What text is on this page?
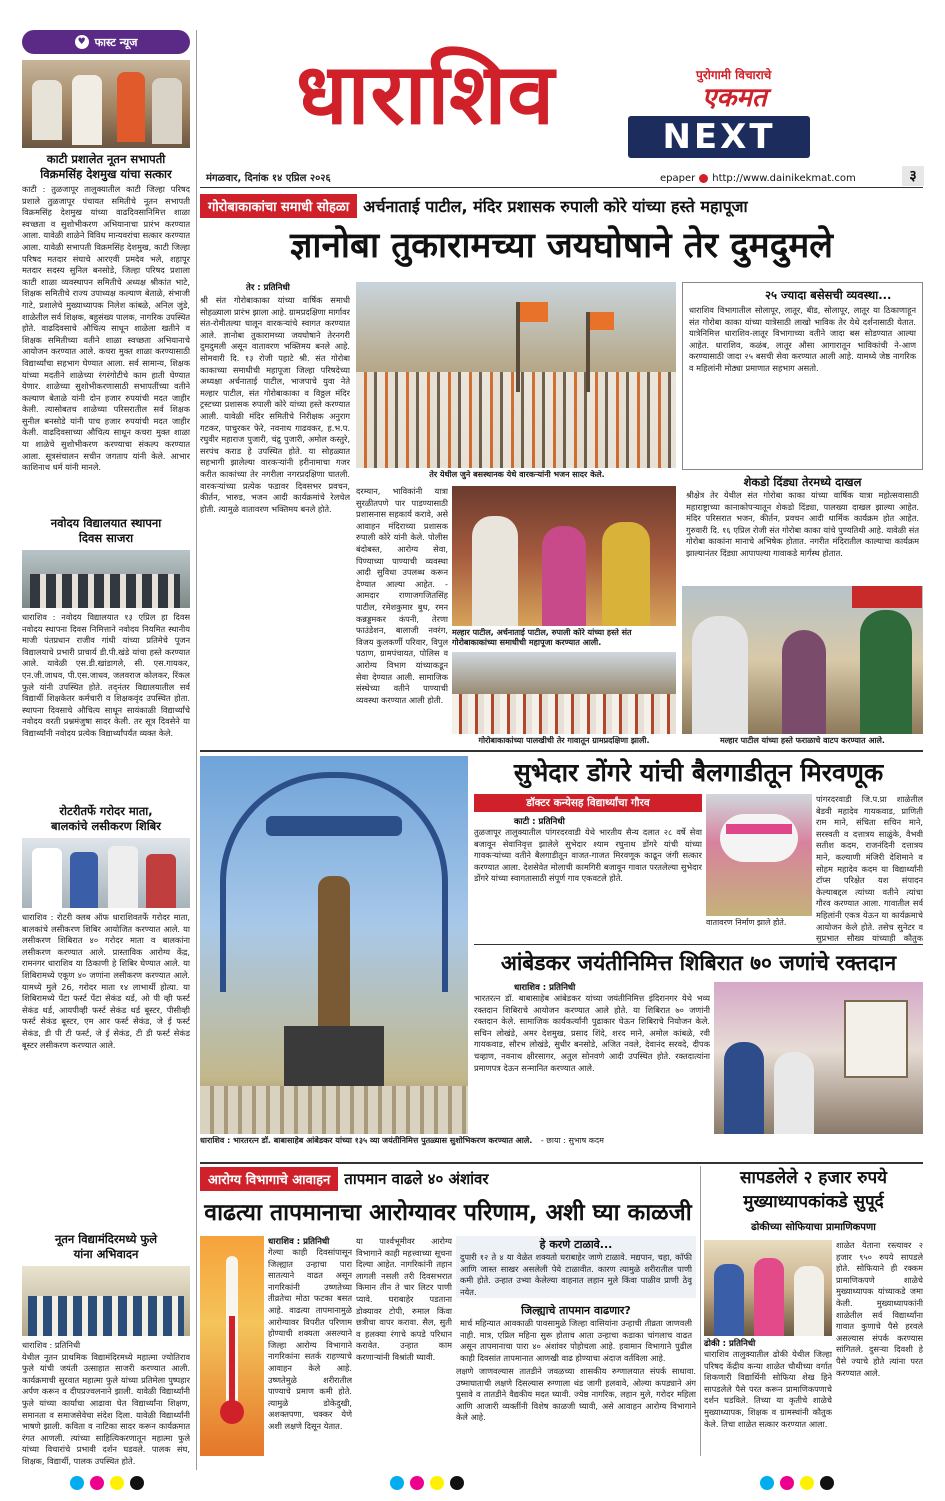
♥ फास्ट न्यूज
काटी प्रशालेत नूतन सभापती
विक्रमसिंह देशमुख यांचा सत्कार
काटी : तुळजापूर तालुक्यातील काटी जिल्हा परिषद प्रशाले तुळजापूर पंचायत समितीचे नूतन सभापती विक्रमसिंह देशमुख यांच्या वाढदिवसानिमित्त शाळा स्वच्छता व सुशोभीकरण अभियानाचा प्रारंभ करण्यात आला. यावेळी शाळेने विविध मान्यवरांचा सत्कार करण्यात आला. यावेळी सभापती विक्रमसिंह देशमुख, काटी जिल्हा परिषद मतदार संघाचे आरएवीं प्रमदेव भले, शहापूर मतदार सदस्य सुनिल बनसोडे, जिल्हा परिषद प्रशाला काटी शाळा व्यवस्थापन समितीचे अध्यक्ष श्रीकांत भाटे, शिक्षक समितीचे राज्य उपाध्यक्ष कल्याण बेताळे, संभाजी गाटे, प्रशालेचे मुख्याध्यापक निलेश कांबळे, अनिल जुंडे, शाळेतील सर्व शिक्षक, बहुसंख्य पालक, नागरिक उपस्थित होते. वाढदिवसाचे औचित्य साधून शाळेला खतीने व शिक्षक समितीच्या वतीने शाळा स्वच्छता अभियानाचे आयोजन करण्यात आले. कचरा मुक्त शाळा करण्यासाठी विद्यार्थ्यांचा सहभाग घेण्यात आला. सर्व सामान्य, शिक्षक यांच्या मदतीने शाळेच्या रंगरंगोटीचे काम हाती घेण्यात येणार. शाळेच्या सुशोभीकरणासाठी सभापतींच्या वतीने कल्याण बेताळे यांनी दोन हजार रुपयांची मदत जाहीर केली. त्यासोबतच शाळेच्या परिसरातील सर्व शिक्षक सुनील बनसोडे यांनी पाच हजार रुपयांची मदत जाहीर केली. वाढदिवसाच्या औचित्य साधून कचरा मुक्त शाळा या शाळेचे सुशोभीकरण करण्याचा संकल्प करण्यात आला. सूत्रसंचालन सचीन जगताप यांनी केले. आभार काशिनाथ धर्म यांनी मानले.
नवोदय विद्यालयात स्थापना
दिवस साजरा
धाराशिव : नवोदय विद्यालयात १३ एप्रिल हा दिवस नवोदय स्थापना दिवस निमित्ताने नवोदय नियमित स्थानीय माजी पंतप्रधान राजीव गांधी यांच्या प्रतिमेचे पूजन विद्यालयाचे प्रभारी प्राचार्य डी.पी.खंडे यांचा हस्ते करण्यात आले. यावेळी एस.डी.खांडागले, सी. एस.गायकर, एन.जी.जाधव, पी.एस.जाधव, जलवराज कोलकर, रिंकल फुले यांनी उपस्थित होते. तद्नंतर विद्यालयातील सर्व विद्यार्थी शिक्षकेतर कर्मचारी व शिक्षकवृंद उपस्थित होता. स्थापना दिवसाचे औचित्य साधून सायंकाळी विद्यार्थ्यांचे नवोदय वरती प्रश्नमंजुषा सादर केली. तर सूत्र दिवसेने या विद्यार्थ्यांनी नवोदय प्रत्येक विद्यार्थ्यांपर्यंत व्यक्त केले.
रोटरीतर्फे गरोदर माता,
बालकांचे लसीकरण शिबिर
धाराशिव : रोटरी क्लब ऑफ धाराशिवतर्फे गरोदर माता, बालकांचे लसीकरण शिबिर आयोजित करण्यात आले. या लसीकरण शिबिरात ४० गरोदर माता व बालकांना लसीकरण करण्यात आले. प्रास्ताविक आरोग्य केंद्र, रामनगर धाराशिव या ठिकाणी हे शिबिर घेण्यात आले. या शिबिरामध्ये एकूण ४० जणांना लसीकरण करण्यात आले. यामध्ये मुले 26, गरोदर माता १४ लाभार्थी होत्या. या शिबिरामध्ये पेंटा फर्स्ट पेंटा सेकंड थर्ड, ओ पी व्ही फर्स्ट सेकंड थर्ड, आयपीव्ही फर्स्ट सेकंड थर्ड बूस्टर, पीसीव्ही फर्स्ट सेकंड बूस्टर, एम आर फर्स्ट सेकंड, जे ई फर्स्ट सेकंड, डी पी टी फर्स्ट, जे ई सेकंड, टी डी फर्स्ट सेकंड बूस्टर लसीकरण करण्यात आले.
नूतन विद्यामंदिरमध्ये फुले
यांना अभिवादन
धाराशिव : प्रतिनिधी
येथील नूतन प्राथमिक विद्यामंदिरमध्ये महात्मा ज्योतिराव फुले यांची जयंती उत्साहात साजरी करण्यात आली. कार्यक्रमाची सुरवात महात्मा फुले यांच्या प्रतिमेला पुष्पहार अर्पण करून व दीपप्रज्वलनाने झाली. यावेळी विद्यार्थ्यांनी फुले यांच्या कार्याचा आढावा घेत विद्यार्थ्यांना शिक्षण, समानता व समाजसेवेचा संदेश दिला. यावेळी विद्यार्थ्यांनी भाषणे झाली. कविता व नाटिका सादर करून कार्यक्रमात रंगत आणली. त्यांच्या साहित्यिकरणातून महात्मा फुले यांच्या विचारांचे प्रभावी दर्शन घडवले. पालक संघ, शिक्षक, विद्यार्थी, पालक उपस्थित होते.
धाराशिव	पुरोगामी विचाराचे
एकमत
NEXT
मंगळवार, दिनांक १४ एप्रिल २०२६	epaper http://www.dainikekmat.com	३
गोरोबाकाकांचा समाधी सोहळा अर्चनाताई पाटील, मंदिर प्रशासक रुपाली कोरे यांच्या हस्ते महापूजा
ज्ञानोबा तुकारामच्या जयघोषाने तेर दुमदुमले
तेर : प्रतिनिधी
श्री संत गोरोबाकाका यांच्या वार्षिक समाधी सोहळ्याला प्रारंभ झाला आहे. ग्रामप्रदक्षिणा मार्गावर संत-रोमीतल्या घालून वारकऱ्यांचे स्वागत करण्यात आले. ज्ञानोबा तुकारामच्या जयघोषाने तेरनगरी दुमदुमली असून वातावरण भक्तिमय बनले आहे. सोमवारी दि. १३ रोजी पहाटे श्री. संत गोरोबा काकाच्या समाधीची महापूजा जिल्हा परिषदेच्या अध्यक्षा अर्चनाताई पाटील, भाजपाचे युवा नेते मल्हार पाटील, संत गोरोबाकाका व विठ्ठल मंदिर ट्रस्टच्या प्रशासक रुपाली कोरे यांच्या हस्ते करण्यात आली. यावेळी मंदिर समितीचे निरीक्षक अनुराग गटकर, पाचुरकर फेरे, नवनाथ गाढवकर, ह.भ.प. रघुवीर महाराज पुजारी, चंद्रु पुजारी, अमोल कस्तुरे, सरपंच कराड हे उपस्थित होते. या सोहळ्यात सहभागी झालेल्या वारकऱ्यांनी हरीनामाचा गजर करीत काकांच्या तेर नगरीला नगरप्रदक्षिणा घातली. वारकऱ्यांच्या प्रत्येक फडावर दिवसभर प्रवचन, कीर्तन, भारुड, भजन आदी कार्यक्रमांचे रेलचेल होती. त्यामुळे वातावरण भक्तिमय बनले होते.
तेर येथील जुने बसस्थानक येथे वारकऱ्यांनी भजन सादर केले.
दरम्यान, भाविकांनी यात्रा सुरळीतपणे पार पाडण्यासाठी प्रशासनास सहकार्य करावे, असे आवाहन मंदिराच्या प्रशासक रुपाली कोरे यांनी केले. पोलीस बंदोबस्त, आरोग्य सेवा, पिण्याच्या पाण्याची व्यवस्था आदी सुविधा उपलब्ध करून देण्यात आल्या आहेत. - आमदार राणाजगजितसिंह पाटील, रमेशकुमार बुध, रमन कन्नड्डमकर कंपनी, तेरणा फाउंडेशन, बालाजी नवरंग, विजय कुलकर्णी परिवार, विपुल पठाण, ग्रामपंचायत, पोलिस व आरोग्य विभाग यांच्याकडून सेवा देण्यात आली. सामाजिक संस्थेच्या वतीने पाण्याची व्यवस्था करण्यात आली होती.
मल्हार पाटील, अर्चनाताई पाटील, रुपाली कोरे यांच्या हस्ते संत गोरोबाकाकांच्या समाधीची महापूजा करण्यात आली.
गोरोबाकाकांच्या पालखीची तेर गावातून ग्रामप्रदक्षिणा झाली.
२५ ज्यादा बसेसची व्यवस्था...
धाराशिव विभागातील सोलापूर, लातूर, बीड, सोलापूर, लातूर या ठिकाणाहून संत गोरोबा काका यांच्या यात्रेसाठी लाखो भाविक तेर येथे दर्शनासाठी येतात. यात्रेनिमित्त धाराशिव-लातूर विभागाच्या वतीने जादा बस सोडण्यात आल्या आहेत. धाराशिव, कळंब, लातूर औसा आगारातून भाविकांची ने-आण करण्यासाठी जादा २५ बसची सेवा करण्यात आली आहे. यामध्ये जेष्ठ नागरिक व महिलांनी मोठ्या प्रमाणात सहभाग असतो.
शेकडो दिंड्या तेरमध्ये दाखल
श्रीक्षेत्र तेर येथील संत गोरोबा काका यांच्या वार्षिक यात्रा महोत्सवासाठी महाराष्ट्राच्या कानाकोपऱ्यातून शेकडो दिंड्या, पालख्या दाखल झाल्या आहेत. मंदिर परिसरात भजन, कीर्तन, प्रवचन आदी धार्मिक कार्यक्रम होत आहेत. गुरुवारी दि. १६ एप्रिल रोजी संत गोरोबा काका यांचे पुण्यतिथी आहे. यावेळी संत गोरोबा काकांना मानाचे अभिषेक होतात. नगरीत मंदिरातील काल्याचा कार्यक्रम झाल्यानंतर दिंड्या आपापल्या गावाकडे मार्गस्थ होतात.
मल्हार पाटील यांच्या हस्ते फराळाचे वाटप करण्यात आले.
सुभेदार डोंगरे यांची बैलगाडीतून मिरवणूक
डॉक्टर कन्येसह विद्यार्थ्यांचा गौरव
काटी : प्रतिनिधी
तुळजापूर तालुक्यातील पांगरदरवाडी येथे भारतीय सैन्य दलात २८ वर्षे सेवा बजावून सेवानिवृत्त झालेले सुभेदार श्याम रघुनाथ डोंगरे यांची यांच्या गावकऱ्यांच्या वतीने बैलगाडीतून वाजत-गाजत मिरवणूक काढून जंगी सत्कार करण्यात आला. देशसेवेत मोलाची कामगिरी बजावून गावात परतलेल्या सुभेदार डोंगरे यांच्या स्वागतासाठी संपूर्ण गाव एकवटले होते.
वातावरण निर्माण झाले होते.
पांगरदरवाडी जि.प.प्रा शाळेतील बेडवी महादेव गायकवाड, प्राणिती राम माने, संचिता सचिन माने, सरस्वती व दत्तात्रय साळुंके, वैभवी सतीश कदम, राजनंदिनी दत्तात्रय माने, कल्याणी मंजिरी देशिमाने व सोहम महादेव कदम या विद्यार्थ्यांनी टॉप्स परिक्षेत यश संपादन केल्याबद्दल त्यांच्या वतीने त्यांचा गौरव करण्यात आला. गावातील सर्व महिलांनी एकत्र येऊन या कार्यक्रमाचे आयोजन केले होते. तसेच सुनेटर व सुप्रभात सौख्य यांच्याही कौतुक
आंबेडकर जयंतीनिमित्त शिबिरात ७० जणांचे रक्तदान
धाराशिव : प्रतिनिधी
भारतरत्न डॉ. बाबासाहेब आंबेडकर यांच्या जयंतीनिमित्त इंदिरानगर येथे भव्य रक्तदान शिबिराचे आयोजन करण्यात आले होते. या शिबिरात ७० जणांनी रक्तदान केले. सामाजिक कार्यकर्त्यांनी पुढाकार घेऊन शिबिराचे नियोजन केले. सचिन लोखंडे, अमर देशमुख, प्रसाद शिंदे, शरद माने, अमोल कांबळे, रवी गायकवाड, सौरभ लोखंडे, सुधीर बनसोडे, अजित नवले, देवानंद सरवदे, दीपक चव्हाण, नवनाथ क्षीरसागर, अतुल सोनवणे आदी उपस्थित होते. रक्तदात्यांना प्रमाणपत्र देऊन सन्मानित करण्यात आले.
धाराशिव : भारतरत्न डॉ. बाबासाहेब आंबेडकर यांच्या १३५ व्या जयंतीनिमित्त पुतळ्यास सुशोभिकरण करण्यात आले. - छाया : सुभाष कदम
आरोग्य विभागाचे आवाहन तापमान वाढले ४० अंशांवर
वाढत्या तापमानाचा आरोग्यावर परिणाम, अशी घ्या काळजी
धाराशिव : प्रतिनिधी
गेल्या काही दिवसांपासून जिल्ह्यात उन्हाचा पारा सातत्याने वाढत असून नागरिकांनी उष्णतेच्या तीव्रतेचा मोठा फटका बसत आहे. वाढत्या तापमानामुळे आरोग्यावर विपरीत परिणाम होण्याची शक्यता असल्याने जिल्हा आरोग्य विभागाने नागरिकांना सतर्क राहण्याचे आवाहन केले आहे. उष्णतेमुळे शरीरातील पाण्याचे प्रमाण कमी होते. त्यामुळे डोकेदुखी, अशक्तपणा, चक्कर येणे अशी लक्षणे दिसून येतात.
या पार्श्वभूमीवर आरोग्य विभागाने काही महत्त्वाच्या सूचना दिल्या आहेत. नागरिकांनी तहान लागली नसली तरी दिवसभरात किमान तीन ते चार लिटर पाणी प्यावे. घराबाहेर पडताना डोक्यावर टोपी, रुमाल किंवा छत्रीचा वापर करावा. सैल, सुती व हलक्या रंगाचे कपडे परिधान करावेत. उन्हात काम करणाऱ्यांनी विश्रांती घ्यावी.
हे करणे टाळावे...
दुपारी १२ ते ४ या वेळेत शक्यतो घराबाहेर जाणे टाळावे. मद्यपान, चहा, कॉफी आणि जास्त साखर असलेली पेये टाळावीत. कारण त्यामुळे शरीरातील पाणी कमी होते. उन्हात उभ्या केलेल्या वाहनात लहान मुले किंवा पाळीव प्राणी ठेवू नयेत.
जिल्ह्याचे तापमान वाढणार?
मार्च महिन्यात आवकाळी पावसामुळे जिल्हा वासियांना उन्हाची तीव्रता जाणवली नाही. मात्र, एप्रिल महिना सुरू होताच आता उन्हाचा कडाका चांगलाच वाढत असून तापमानाचा पारा ४० अंशांवर पोहोचला आहे. हवामान विभागाने पुढील काही दिवसांत तापमानात आणखी वाढ होण्याचा अंदाज वर्तविला आहे.
लक्षणे जाणवल्यास तातडीने जवळच्या शासकीय रुग्णालयात संपर्क साधावा. उष्माघाताची लक्षणे दिसल्यास रुग्णाला थंड जागी हलवावे, ओल्या कपड्याने अंग पुसावे व तातडीने वैद्यकीय मदत घ्यावी. ज्येष्ठ नागरिक, लहान मुले, गरोदर महिला आणि आजारी व्यक्तींनी विशेष काळजी घ्यावी, असे आवाहन आरोग्य विभागाने केले आहे.
सापडलेले २ हजार रुपये
मुख्याध्यापकांकडे सुपूर्द
ढोकीच्या सोफियाचा प्रामाणिकपणा
शाळेत येताना रस्त्यावर २ हजार ९५० रुपये सापडले होते. सोफियाने ही रक्कम प्रामाणिकपणे शाळेचे मुख्याध्यापक यांच्याकडे जमा केली. मुख्याध्यापकांनी शाळेतील सर्व विद्यार्थ्यांना गावात कुणाचे पैसे हरवले असल्यास संपर्क करण्यास सांगितले. दुसऱ्या दिवशी हे पैसे ज्याचे होते त्यांना परत करण्यात आले.
ढोकी : प्रतिनिधी
धाराशिव तालुक्यातील ढोकी येथील जिल्हा परिषद केंद्रीय कन्या शाळेत चौथीच्या वर्गात शिकणारी विद्यार्थिनी सोफिया शेख हिने सापडलेले पैसे परत करून प्रामाणिकपणाचे दर्शन घडविले. तिच्या या कृतीचे शाळेचे मुख्याध्यापक, शिक्षक व ग्रामस्थांनी कौतुक केले. तिचा शाळेत सत्कार करण्यात आला.
